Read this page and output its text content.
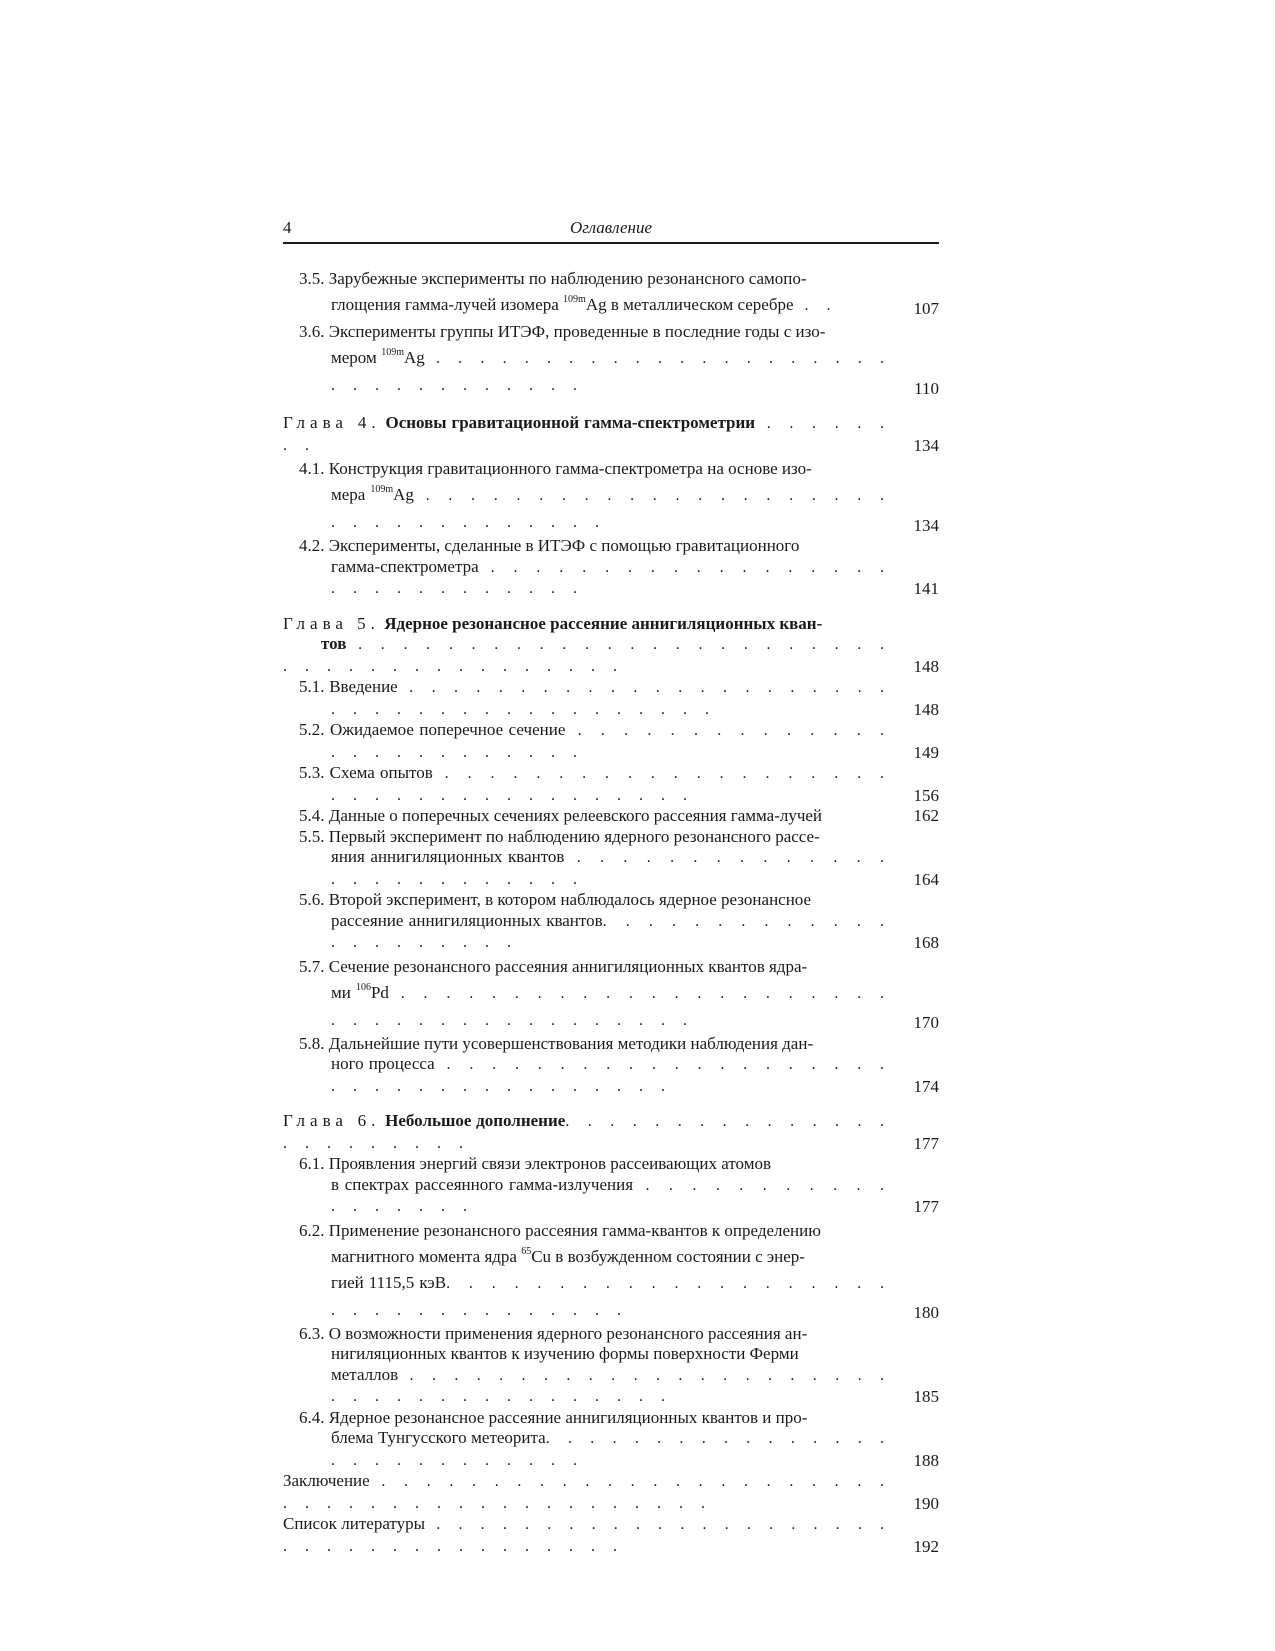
4	Оглавление
3.5. Зарубежные эксперименты по наблюдению резонансного самопо-
глощения гамма-лучей изомера $^{109m}$Ag в металлическом серебре . .	107
3.6. Эксперименты группы ИТЭФ, проведенные в последние годы с изо-
мером $^{109m}$Ag . . . . . . . . . . . . . . . . . . . . . . . . . . . . . . . . .	110
Глава 4. Основы гравитационной гамма-спектрометрии . . . . . . . .	134
4.1. Конструкция гравитационного гамма-спектрометра на основе изо-
мера $^{109m}$Ag . . . . . . . . . . . . . . . . . . . . . . . . . . . . . . . . . .	134
4.2. Эксперименты, сделанные в ИТЭФ с помощью гравитационного
гамма-спектрометра . . . . . . . . . . . . . . . . . . . . . . . . . . . . . .	141
Глава 5. Ядерное резонансное рассеяние аннигиляционных кван-
тов . . . . . . . . . . . . . . . . . . . . . . . . . . . . . . . . . . . . . . . .	148
5.1. Введение . . . . . . . . . . . . . . . . . . . . . . . . . . . . . . . . . . . . . . . .	148
5.2. Ожидаемое поперечное сечение . . . . . . . . . . . . . . . . . . . . . . . . . .	149
5.3. Схема опытов . . . . . . . . . . . . . . . . . . . . . . . . . . . . . . . . . . . . .	156
5.4. Данные о поперечных сечениях релеевского рассеяния гамма-лучей	162
5.5. Первый эксперимент по наблюдению ядерного резонансного рассе-
яния аннигиляционных квантов . . . . . . . . . . . . . . . . . . . . . . . . . .	164
5.6. Второй эксперимент, в котором наблюдалось ядерное резонансное
рассеяние аннигиляционных квантов. . . . . . . . . . . . . . . . . . . . . .	168
5.7. Сечение резонансного рассеяния аннигиляционных квантов ядра-
ми $^{106}$Pd . . . . . . . . . . . . . . . . . . . . . . . . . . . . . . . . . . . . . . .	170
5.8. Дальнейшие пути усовершенствования методики наблюдения дан-
ного процесса . . . . . . . . . . . . . . . . . . . . . . . . . . . . . . . . . . . .	174
Глава 6. Небольшое дополнение. . . . . . . . . . . . . . . . . . . . . . . .	177
6.1. Проявления энергий связи электронов рассеивающих атомов
в спектрах рассеянного гамма-излучения . . . . . . . . . . . . . . . . . .	177
6.2. Применение резонансного рассеяния гамма-квантов к определению
магнитного момента ядра $^{65}$Cu в возбужденном состоянии с энер-
гией 1115,5 кэВ. . . . . . . . . . . . . . . . . . . . . . . . . . . . . . . . . .	180
6.3. О возможности применения ядерного резонансного рассеяния ан-
нигиляционных квантов к изучению формы поверхности Ферми
металлов . . . . . . . . . . . . . . . . . . . . . . . . . . . . . . . . . . . . . .	185
6.4. Ядерное резонансное рассеяние аннигиляционных квантов и про-
блема Тунгусского метеорита. . . . . . . . . . . . . . . . . . . . . . . . . . . .	188
Заключение . . . . . . . . . . . . . . . . . . . . . . . . . . . . . . . . . . . . . . . . . . .	190
Список литературы . . . . . . . . . . . . . . . . . . . . . . . . . . . . . . . . . . . . .	192
